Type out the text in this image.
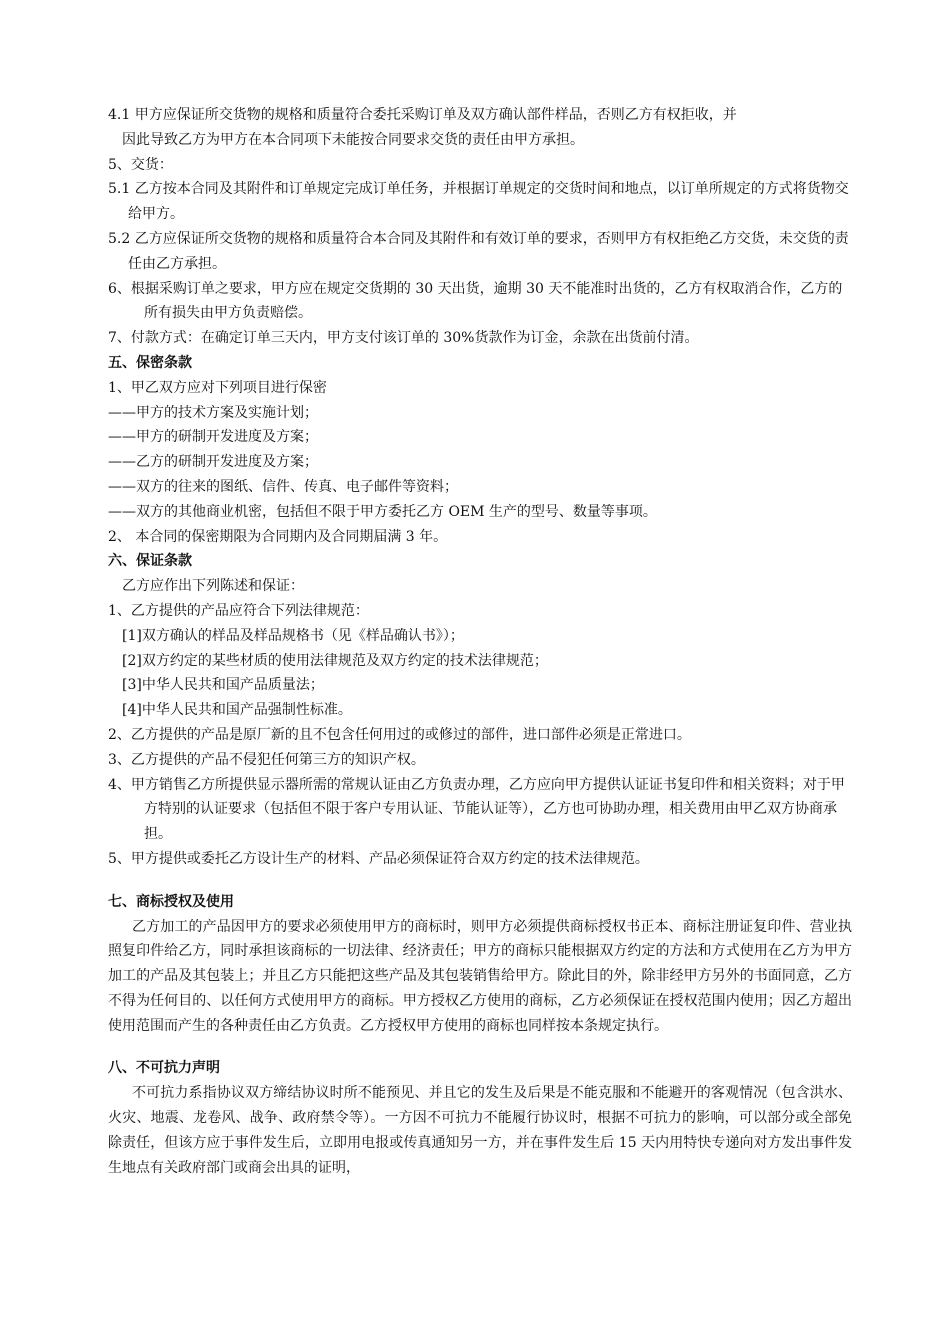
4.1 甲方应保证所交货物的规格和质量符合委托采购订单及双方确认部件样品，否则乙方有权拒收，并
因此导致乙方为甲方在本合同项下未能按合同要求交货的责任由甲方承担。
5、交货：
5.1 乙方按本合同及其附件和订单规定完成订单任务，并根据订单规定的交货时间和地点，以订单所规定的方式将货物交给甲方。
5.2 乙方应保证所交货物的规格和质量符合本合同及其附件和有效订单的要求，否则甲方有权拒绝乙方交货，未交货的责任由乙方承担。
6、根据采购订单之要求，甲方应在规定交货期的 30 天出货，逾期 30 天不能准时出货的，乙方有权取消合作，乙方的所有损失由甲方负责赔偿。
7、付款方式：在确定订单三天内，甲方支付该订单的 30%货款作为订金，余款在出货前付清。
五、保密条款
1、甲乙双方应对下列项目进行保密
——甲方的技术方案及实施计划；
——甲方的研制开发进度及方案；
——乙方的研制开发进度及方案；
——双方的往来的图纸、信件、传真、电子邮件等资料；
——双方的其他商业机密，包括但不限于甲方委托乙方 OEM 生产的型号、数量等事项。
2、 本合同的保密期限为合同期内及合同期届满 3 年。
六、保证条款
乙方应作出下列陈述和保证：
1、乙方提供的产品应符合下列法律规范：
[1]双方确认的样品及样品规格书（见《样品确认书》）；
[2]双方约定的某些材质的使用法律规范及双方约定的技术法律规范；
[3]中华人民共和国产品质量法；
[4]中华人民共和国产品强制性标准。
2、乙方提供的产品是原厂新的且不包含任何用过的或修过的部件，进口部件必须是正常进口。
3、乙方提供的产品不侵犯任何第三方的知识产权。
4、甲方销售乙方所提供显示器所需的常规认证由乙方负责办理，乙方应向甲方提供认证证书复印件和相关资料；对于甲方特别的认证要求（包括但不限于客户专用认证、节能认证等），乙方也可协助办理，相关费用由甲乙双方协商承担。
5、甲方提供或委托乙方设计生产的材料、产品必须保证符合双方约定的技术法律规范。
七、商标授权及使用
乙方加工的产品因甲方的要求必须使用甲方的商标时，则甲方必须提供商标授权书正本、商标注册证复印件、营业执照复印件给乙方，同时承担该商标的一切法律、经济责任；甲方的商标只能根据双方约定的方法和方式使用在乙方为甲方加工的产品及其包装上；并且乙方只能把这些产品及其包装销售给甲方。除此目的外，除非经甲方另外的书面同意，乙方不得为任何目的、以任何方式使用甲方的商标。甲方授权乙方使用的商标，乙方必须保证在授权范围内使用；因乙方超出使用范围而产生的各种责任由乙方负责。乙方授权甲方使用的商标也同样按本条规定执行。
八、不可抗力声明
不可抗力系指协议双方缔结协议时所不能预见、并且它的发生及后果是不能克服和不能避开的客观情况（包含洪水、火灾、地震、龙卷风、战争、政府禁令等）。一方因不可抗力不能履行协议时，根据不可抗力的影响，可以部分或全部免除责任，但该方应于事件发生后，立即用电报或传真通知另一方，并在事件发生后 15 天内用特快专递向对方发出事件发生地点有关政府部门或商会出具的证明，
